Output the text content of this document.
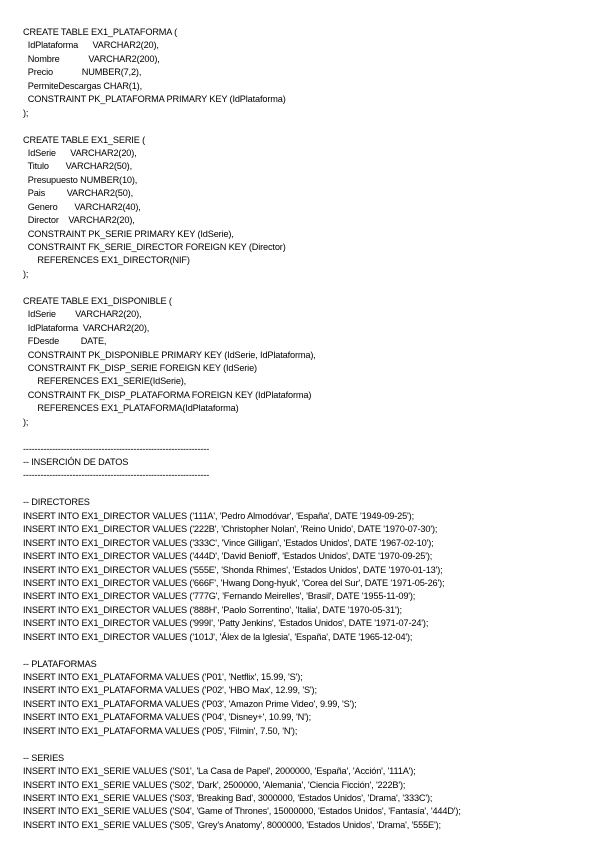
CREATE TABLE EX1_PLATAFORMA (
IdPlataforma      VARCHAR2(20),
Nombre            VARCHAR2(200),
Precio            NUMBER(7,2),
PermiteDescargas CHAR(1),
CONSTRAINT PK_PLATAFORMA PRIMARY KEY (IdPlataforma)
);
CREATE TABLE EX1_SERIE (
IdSerie      VARCHAR2(20),
Titulo       VARCHAR2(50),
Presupuesto NUMBER(10),
Pais         VARCHAR2(50),
Genero       VARCHAR2(40),
Director    VARCHAR2(20),
CONSTRAINT PK_SERIE PRIMARY KEY (IdSerie),
CONSTRAINT FK_SERIE_DIRECTOR FOREIGN KEY (Director)
REFERENCES EX1_DIRECTOR(NIF)
);
CREATE TABLE EX1_DISPONIBLE (
IdSerie        VARCHAR2(20),
IdPlataforma  VARCHAR2(20),
FDesde         DATE,
CONSTRAINT PK_DISPONIBLE PRIMARY KEY (IdSerie, IdPlataforma),
CONSTRAINT FK_DISP_SERIE FOREIGN KEY (IdSerie)
REFERENCES EX1_SERIE(IdSerie),
CONSTRAINT FK_DISP_PLATAFORMA FOREIGN KEY (IdPlataforma)
REFERENCES EX1_PLATAFORMA(IdPlataforma)
);
----------------------------------------------------------------
-- INSERCIÓN DE DATOS
----------------------------------------------------------------
-- DIRECTORES
INSERT INTO EX1_DIRECTOR VALUES ('111A', 'Pedro Almodóvar', 'España', DATE '1949-09-25');
INSERT INTO EX1_DIRECTOR VALUES ('222B', 'Christopher Nolan', 'Reino Unido', DATE '1970-07-30');
INSERT INTO EX1_DIRECTOR VALUES ('333C', 'Vince Gilligan', 'Estados Unidos', DATE '1967-02-10');
INSERT INTO EX1_DIRECTOR VALUES ('444D', 'David Benioff', 'Estados Unidos', DATE '1970-09-25');
INSERT INTO EX1_DIRECTOR VALUES ('555E', 'Shonda Rhimes', 'Estados Unidos', DATE '1970-01-13');
INSERT INTO EX1_DIRECTOR VALUES ('666F', 'Hwang Dong-hyuk', 'Corea del Sur', DATE '1971-05-26');
INSERT INTO EX1_DIRECTOR VALUES ('777G', 'Fernando Meirelles', 'Brasil', DATE '1955-11-09');
INSERT INTO EX1_DIRECTOR VALUES ('888H', 'Paolo Sorrentino', 'Italia', DATE '1970-05-31');
INSERT INTO EX1_DIRECTOR VALUES ('999I', 'Patty Jenkins', 'Estados Unidos', DATE '1971-07-24');
INSERT INTO EX1_DIRECTOR VALUES ('101J', 'Álex de la Iglesia', 'España', DATE '1965-12-04');
-- PLATAFORMAS
INSERT INTO EX1_PLATAFORMA VALUES ('P01', 'Netflix', 15.99, 'S');
INSERT INTO EX1_PLATAFORMA VALUES ('P02', 'HBO Max', 12.99, 'S');
INSERT INTO EX1_PLATAFORMA VALUES ('P03', 'Amazon Prime Video', 9.99, 'S');
INSERT INTO EX1_PLATAFORMA VALUES ('P04', 'Disney+', 10.99, 'N');
INSERT INTO EX1_PLATAFORMA VALUES ('P05', 'Filmin', 7.50, 'N');
-- SERIES
INSERT INTO EX1_SERIE VALUES ('S01', 'La Casa de Papel', 2000000, 'España', 'Acción', '111A');
INSERT INTO EX1_SERIE VALUES ('S02', 'Dark', 2500000, 'Alemania', 'Ciencia Ficción', '222B');
INSERT INTO EX1_SERIE VALUES ('S03', 'Breaking Bad', 3000000, 'Estados Unidos', 'Drama', '333C');
INSERT INTO EX1_SERIE VALUES ('S04', 'Game of Thrones', 15000000, 'Estados Unidos', 'Fantasía', '444D');
INSERT INTO EX1_SERIE VALUES ('S05', 'Grey's Anatomy', 8000000, 'Estados Unidos', 'Drama', '555E');
